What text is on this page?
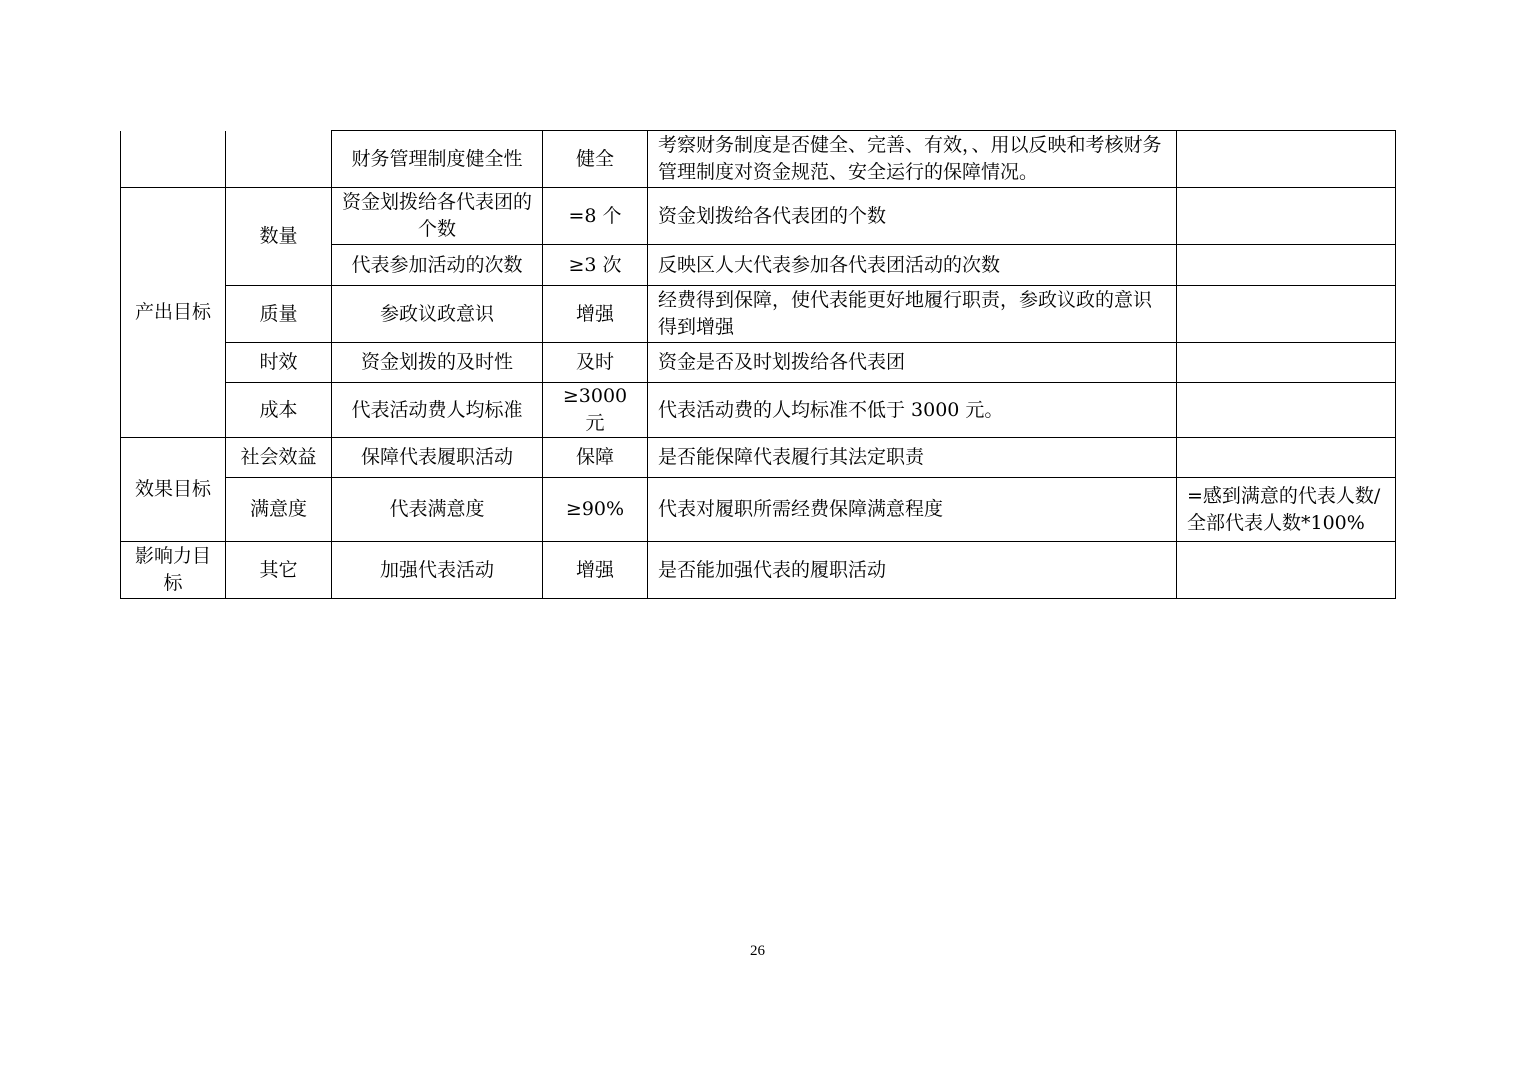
		财务管理制度健全性	健全	考察财务制度是否健全、完善、有效，、用以反映和考核财务管理制度对资金规范、安全运行的保障情况。	
产出目标	数量	资金划拨给各代表团的个数	=8 个	资金划拨给各代表团的个数	
		代表参加活动的次数	≥3 次	反映区人大代表参加各代表团活动的次数	
	质量	参政议政意识	增强	经费得到保障，使代表能更好地履行职责，参政议政的意识得到增强	
	时效	资金划拨的及时性	及时	资金是否及时划拨给各代表团	
	成本	代表活动费人均标准	≥3000 元	代表活动费的人均标准不低于 3000 元。	
效果目标	社会效益	保障代表履职活动	保障	是否能保障代表履行其法定职责	
	满意度	代表满意度	≥90%	代表对履职所需经费保障满意程度	=感到满意的代表人数/全部代表人数*100%
影响力目标	其它	加强代表活动	增强	是否能加强代表的履职活动	
26
